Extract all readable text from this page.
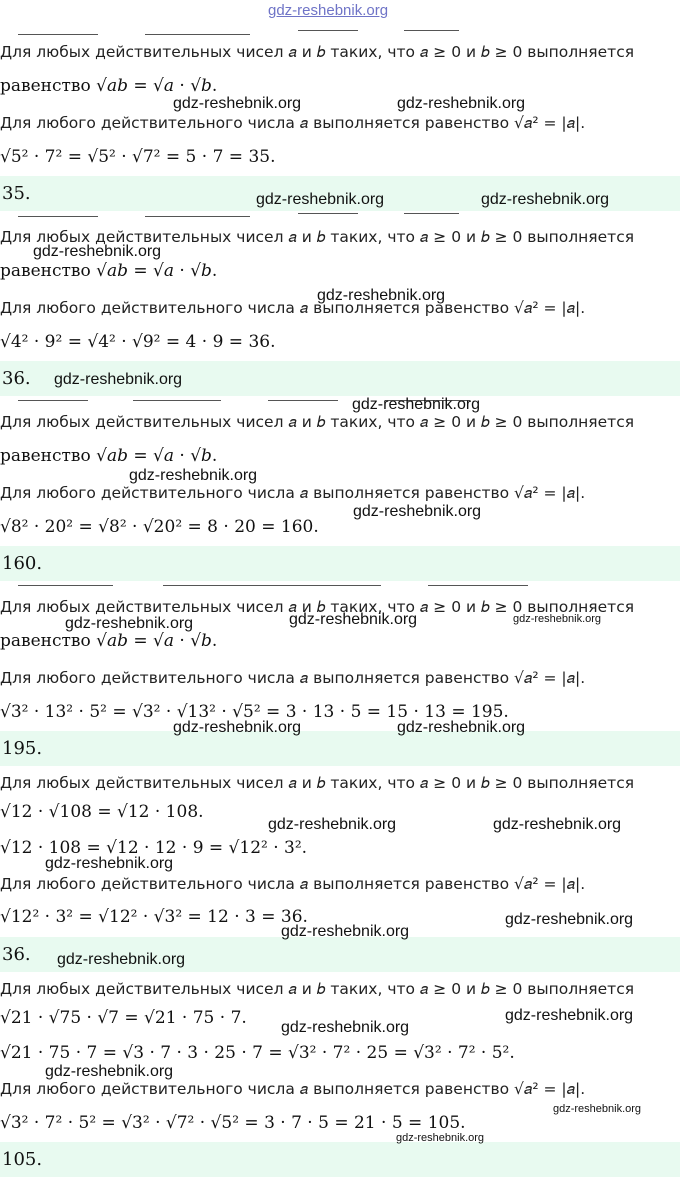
gdz-reshebnik.org
Для любых действительных чисел 𝑎 и 𝑏 таких, что 𝑎 ≥ 0 и 𝑏 ≥ 0 выполняется
равенство √𝑎𝑏 = √𝑎 · √𝑏.
Для любого действительного числа 𝑎 выполняется равенство √𝑎² = |𝑎|.
√5² · 7² = √5² · √7² = 5 · 7 = 35.
35.
Для любых действительных чисел 𝑎 и 𝑏 таких, что 𝑎 ≥ 0 и 𝑏 ≥ 0 выполняется
равенство √𝑎𝑏 = √𝑎 · √𝑏.
Для любого действительного числа 𝑎 выполняется равенство √𝑎² = |𝑎|.
√4² · 9² = √4² · √9² = 4 · 9 = 36.
36.
Для любых действительных чисел 𝑎 и 𝑏 таких, что 𝑎 ≥ 0 и 𝑏 ≥ 0 выполняется
равенство √𝑎𝑏 = √𝑎 · √𝑏.
Для любого действительного числа 𝑎 выполняется равенство √𝑎² = |𝑎|.
√8² · 20² = √8² · √20² = 8 · 20 = 160.
160.
Для любых действительных чисел 𝑎 и 𝑏 таких, что 𝑎 ≥ 0 и 𝑏 ≥ 0 выполняется
равенство √𝑎𝑏 = √𝑎 · √𝑏.
Для любого действительного числа 𝑎 выполняется равенство √𝑎² = |𝑎|.
√3² · 13² · 5² = √3² · √13² · √5² = 3 · 13 · 5 = 15 · 13 = 195.
195.
Для любых действительных чисел 𝑎 и 𝑏 таких, что 𝑎 ≥ 0 и 𝑏 ≥ 0 выполняется
√12 · √108 = √12 · 108.
√12 · 108 = √12 · 12 · 9 = √12² · 3².
Для любого действительного числа 𝑎 выполняется равенство √𝑎² = |𝑎|.
√12² · 3² = √12² · √3² = 12 · 3 = 36.
36.
Для любых действительных чисел 𝑎 и 𝑏 таких, что 𝑎 ≥ 0 и 𝑏 ≥ 0 выполняется
√21 · √75 · √7 = √21 · 75 · 7.
√21 · 75 · 7 = √3 · 7 · 3 · 25 · 7 = √3² · 7² · 25 = √3² · 7² · 5².
Для любого действительного числа 𝑎 выполняется равенство √𝑎² = |𝑎|.
√3² · 7² · 5² = √3² · √7² · √5² = 3 · 7 · 5 = 21 · 5 = 105.
105.
gdz-reshebnik.org	gdz-reshebnik.org
gdz-reshebnik.org	gdz-reshebnik.org
gdz-reshebnik.org
gdz-reshebnik.org
gdz-reshebnik.org
gdz-reshebnik.org
gdz-reshebnik.org
gdz-reshebnik.org
gdz-reshebnik.org	gdz-reshebnik.org
gdz-reshebnik.org
gdz-reshebnik.org	gdz-reshebnik.org
gdz-reshebnik.org	gdz-reshebnik.org
gdz-reshebnik.org
gdz-reshebnik.org
gdz-reshebnik.org
gdz-reshebnik.org
gdz-reshebnik.org
gdz-reshebnik.org
gdz-reshebnik.org
gdz-reshebnik.org
gdz-reshebnik.org
